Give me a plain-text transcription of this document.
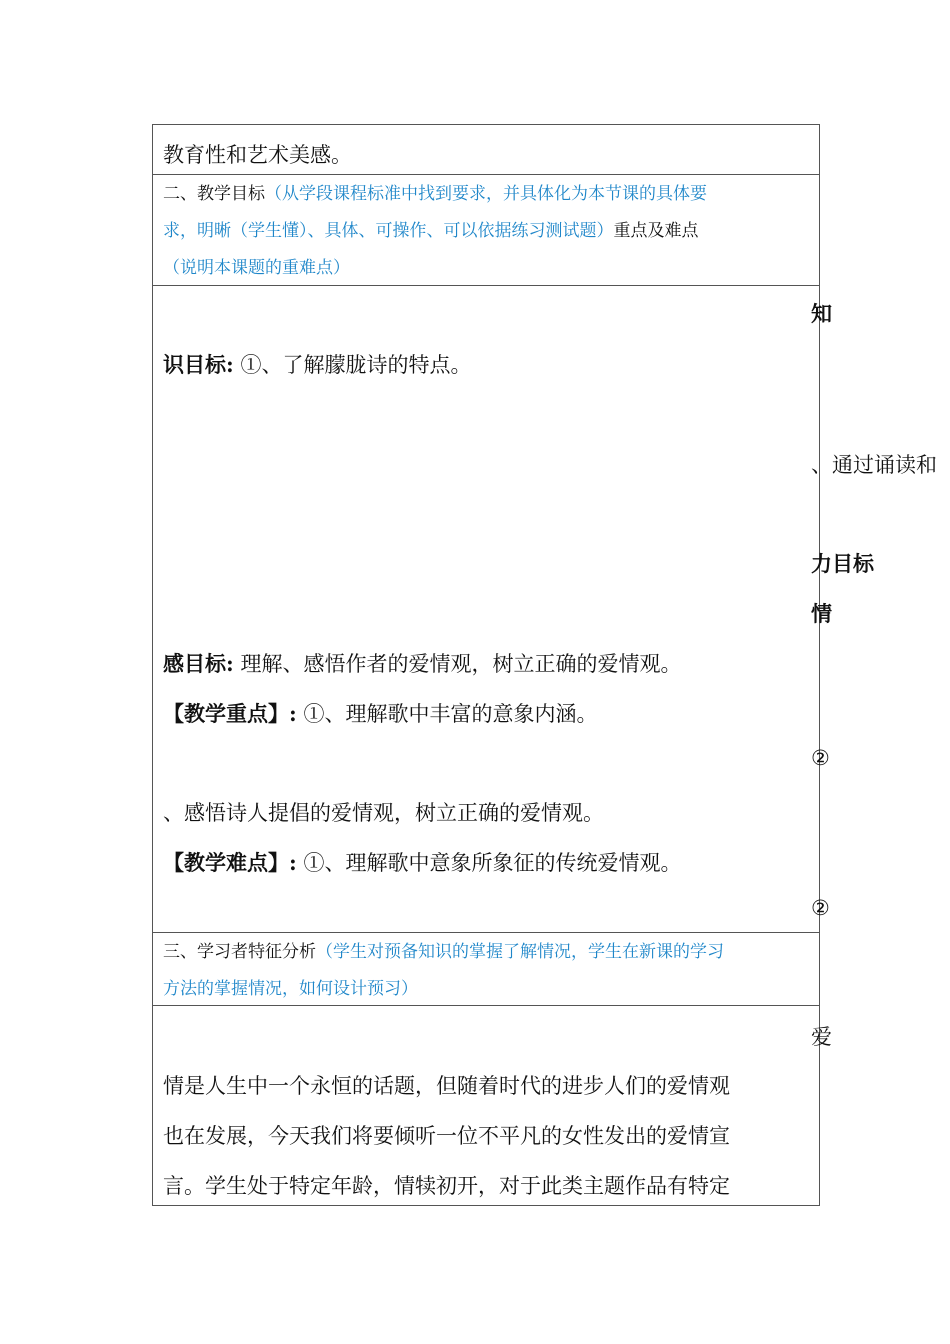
教育性和艺术美感。
二、教学目标（从学段课程标准中找到要求，并具体化为本节课的具体要
求，明晰（学生懂）、具体、可操作、可以依据练习测试题）重点及难点
（说明本课题的重难点）
知
识目标: ①、了解朦胧诗的特点。
、通过诵读和
力目标
情
感目标: 理解、感悟作者的爱情观，树立正确的爱情观。
【教学重点】: ①、理解歌中丰富的意象内涵。
②
、感悟诗人提倡的爱情观，树立正确的爱情观。
【教学难点】: ①、理解歌中意象所象征的传统爱情观。
②
三、学习者特征分析（学生对预备知识的掌握了解情况，学生在新课的学习
方法的掌握情况，如何设计预习）
爱
情是人生中一个永恒的话题，但随着时代的进步人们的爱情观
也在发展，今天我们将要倾听一位不平凡的女性发出的爱情宣
言。学生处于特定年龄，情犊初开，对于此类主题作品有特定
